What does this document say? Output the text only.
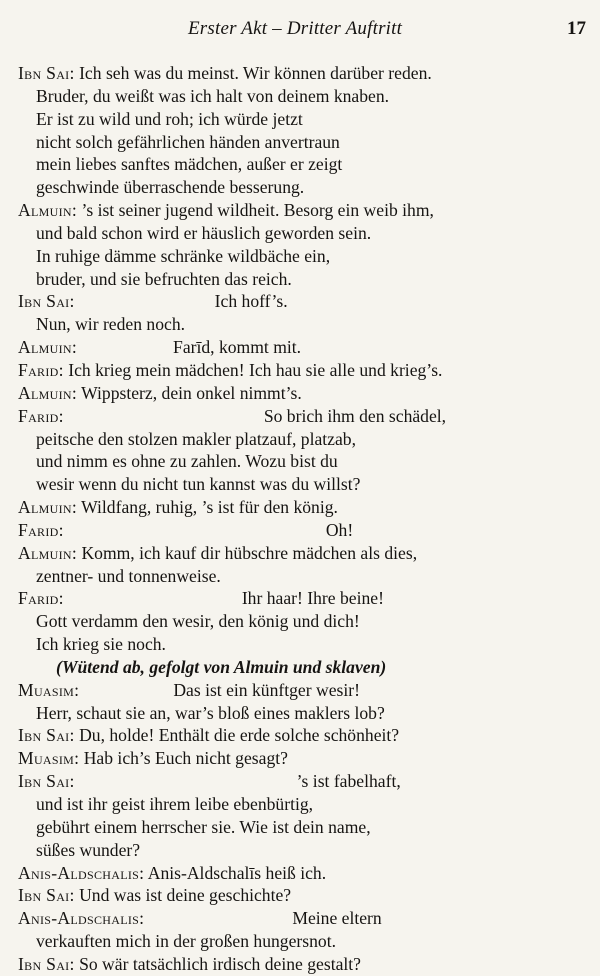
Erster Akt – Dritter Auftritt	17
Ibn Sai: Ich seh was du meinst. Wir können darüber reden.
Bruder, du weißt was ich halt von deinem knaben.
Er ist zu wild und roh; ich würde jetzt
nicht solch gefährlichen händen anvertraun
mein liebes sanftes mädchen, außer er zeigt
geschwinde überraschende besserung.
Almuin: ’s ist seiner jugend wildheit. Besorg ein weib ihm,
und bald schon wird er häuslich geworden sein.
In ruhige dämme schränke wildbäche ein,
bruder, und sie befruchten das reich.
Ibn Sai:	Ich hoff’s.
Nun, wir reden noch.
Almuin:	Farīd, kommt mit.
Farid: Ich krieg mein mädchen! Ich hau sie alle und krieg’s.
Almuin: Wippsterz, dein onkel nimmt’s.
Farid:	So brich ihm den schädel,
peitsche den stolzen makler platzauf, platzab,
und nimm es ohne zu zahlen. Wozu bist du
wesir wenn du nicht tun kannst was du willst?
Almuin: Wildfang, ruhig, ’s ist für den könig.
Farid:	Oh!
Almuin: Komm, ich kauf dir hübschre mädchen als dies,
zentner- und tonnenweise.
Farid:	Ihr haar! Ihre beine!
Gott verdamm den wesir, den könig und dich!
Ich krieg sie noch.
(Wütend ab, gefolgt von Almuin und sklaven)
Muasim:	Das ist ein künftger wesir!
Herr, schaut sie an, war’s bloß eines maklers lob?
Ibn Sai: Du, holde! Enthält die erde solche schönheit?
Muasim: Hab ich’s Euch nicht gesagt?
Ibn Sai:	’s ist fabelhaft,
und ist ihr geist ihrem leibe ebenbürtig,
gebührt einem herrscher sie. Wie ist dein name,
süßes wunder?
Anis-Aldschalis: Anis-Aldschalīs heiß ich.
Ibn Sai: Und was ist deine geschichte?
Anis-Aldschalis:	Meine eltern
verkauften mich in der großen hungersnot.
Ibn Sai: So wär tatsächlich irdisch deine gestalt?
